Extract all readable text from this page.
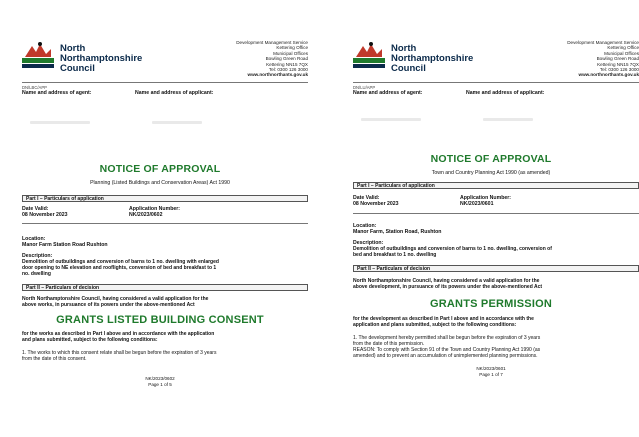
North
Northamptonshire
Council
Development Management Service
Kettering Office
Municipal Offices
Bowling Green Road
Kettering NN15 7QX
Tel: 0300 126 3000
www.northnorthants.gov.uk
DN/LBC/APP
Name and address of agent:	Name and address of applicant:
NOTICE OF APPROVAL
Planning (Listed Buildings and Conservation Areas) Act 1990
Part I – Particulars of application
Date Valid:
08 November 2023
Application Number:
NK/2023/0602
Location:
Manor Farm Station Road Rushton
Description:
Demolition of outbuildings and conversion of barns to 1 no. dwelling with enlarged
door opening to NE elevation and rooflights, conversion of bed and breakfast to 1
no. dwelling
Part II – Particulars of decision
North Northamptonshire Council, having considered a valid application for the
above works, in pursuance of its powers under the above-mentioned Act
GRANTS LISTED BUILDING CONSENT
for the works as described in Part I above and in accordance with the application
and plans submitted, subject to the following conditions:
1. The works to which this consent relate shall be begun before the expiration of 3 years
from the date of this consent.
NK/2023/0602
Page 1 of 5
North
Northamptonshire
Council
Development Management Service
Kettering Office
Municipal Offices
Bowling Green Road
Kettering NN15 7QX
Tel: 0300 126 3000
www.northnorthants.gov.uk
DN/LU/APP
Name and address of agent:	Name and address of applicant:
NOTICE OF APPROVAL
Town and Country Planning Act 1990 (as amended)
Part I – Particulars of application
Date Valid:
08 November 2023
Application Number:
NK/2023/0601
Location:
Manor Farm, Station Road, Rushton
Description:
Demolition of outbuildings and conversion of barns to 1 no. dwelling, conversion of
bed and breakfast to 1 no. dwelling
Part II – Particulars of decision
North Northamptonshire Council, having considered a valid application for the
above development, in pursuance of its powers under the above-mentioned Act
GRANTS PERMISSION
for the development as described in Part I above and in accordance with the
application and plans submitted, subject to the following conditions:
1. The development hereby permitted shall be begun before the expiration of 3 years
from the date of this permission.
REASON: To comply with Section 91 of the Town and Country Planning Act 1990 (as
amended) and to prevent an accumulation of unimplemented planning permissions.
NK/2023/0601
Page 1 of 7
